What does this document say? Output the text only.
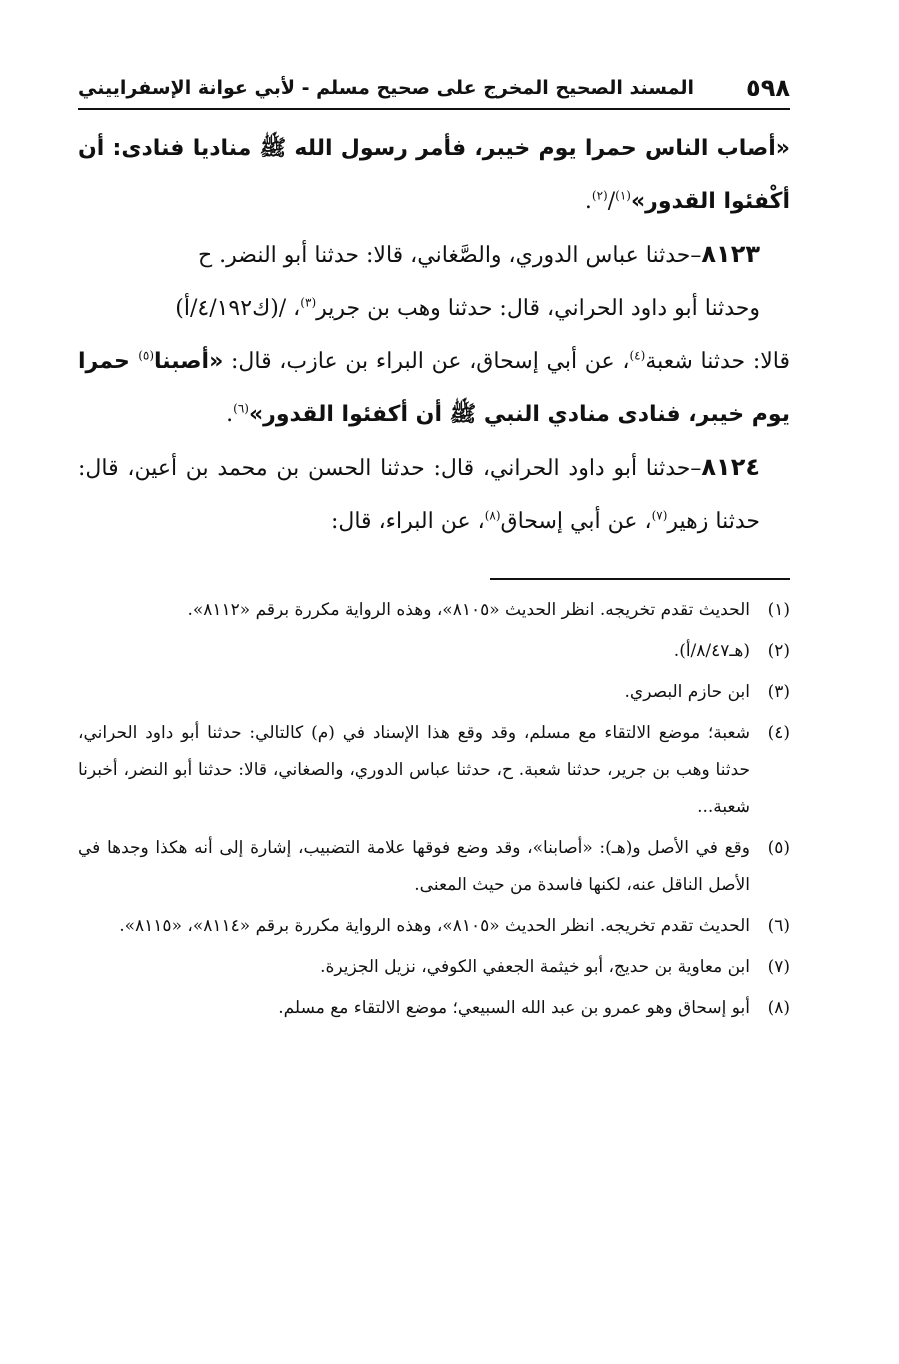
٥٩٨
المسند الصحيح المخرج على صحيح مسلم - لأبي عوانة الإسفراييني

«أصاب الناس حمرا يوم خيبر، فأمر رسول الله ﷺ مناديا فنادى: أن أكْفئوا القدور»$^{(١)}$/$^{(٢)}$.

٨١٢٣–حدثنا عباس الدوري، والصَّغاني، قالا: حدثنا أبو النضر. ح

وحدثنا أبو داود الحراني، قال: حدثنا وهب بن جرير$^{(٣)}$، /(ك٤/١٩٢/أ)

قالا: حدثنا شعبة$^{(٤)}$، عن أبي إسحاق، عن البراء بن عازب، قال: «أصبنا$^{(٥)}$ حمرا يوم خيبر، فنادى منادي النبي ﷺ أن أكفئوا القدور»$^{(٦)}$.

٨١٢٤–حدثنا أبو داود الحراني، قال: حدثنا الحسن بن محمد بن أعين، قال: حدثنا زهير$^{(٧)}$، عن أبي إسحاق$^{(٨)}$، عن البراء، قال:

(١)
الحديث تقدم تخريجه. انظر الحديث «٨١٠٥»، وهذه الرواية مكررة برقم «٨١١٢».
(٢)
(هـ٨/٤٧/أ).
(٣)
ابن حازم البصري.
(٤)
شعبة؛ موضع الالتقاء مع مسلم، وقد وقع هذا الإسناد في (م) كالتالي: حدثنا أبو داود الحراني، حدثنا وهب بن جرير، حدثنا شعبة. ح، حدثنا عباس الدوري، والصغاني، قالا: حدثنا أبو النضر، أخبرنا شعبة...
(٥)
وقع في الأصل و(هـ): «أصابنا»، وقد وضع فوقها علامة التضبيب، إشارة إلى أنه هكذا وجدها في الأصل الناقل عنه، لكنها فاسدة من حيث المعنى.
(٦)
الحديث تقدم تخريجه. انظر الحديث «٨١٠٥»، وهذه الرواية مكررة برقم «٨١١٤»، «٨١١٥».
(٧)
ابن معاوية بن حديج، أبو خيثمة الجعفي الكوفي، نزيل الجزيرة.
(٨)
أبو إسحاق وهو عمرو بن عبد الله السبيعي؛ موضع الالتقاء مع مسلم.
